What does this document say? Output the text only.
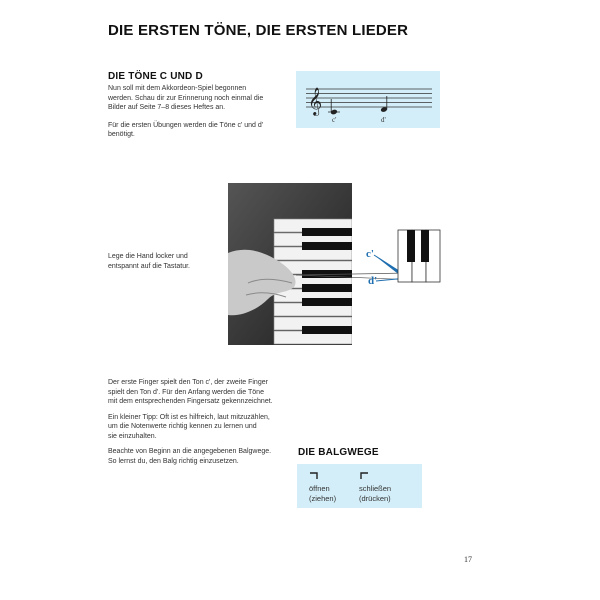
DIE ERSTEN TÖNE, DIE ERSTEN LIEDER
DIE TÖNE C UND D

Nun soll mit dem Akkordeon-Spiel begonnen
werden. Schau dir zur Erinnerung noch einmal die
Bilder auf Seite 7–8 dieses Heftes an.

Für die ersten Übungen werden die Töne c' und d'
benötigt.

𝄞
c'	d'
Lege die Hand locker und
entspannt auf die Tastatur.
c'
d'

Der erste Finger spielt den Ton c', der zweite Finger
spielt den Ton d'. Für den Anfang werden die Töne
mit dem entsprechenden Fingersatz gekennzeichnet.

Ein kleiner Tipp: Oft ist es hilfreich, laut mitzuzählen,
um die Notenwerte richtig kennen zu lernen und
sie einzuhalten.

Beachte von Beginn an die angegebenen Balgwege.
So lernst du, den Balg richtig einzusetzen.

DIE BALGWEGE
öffnen
(ziehen)
schließen
(drücken)
17
